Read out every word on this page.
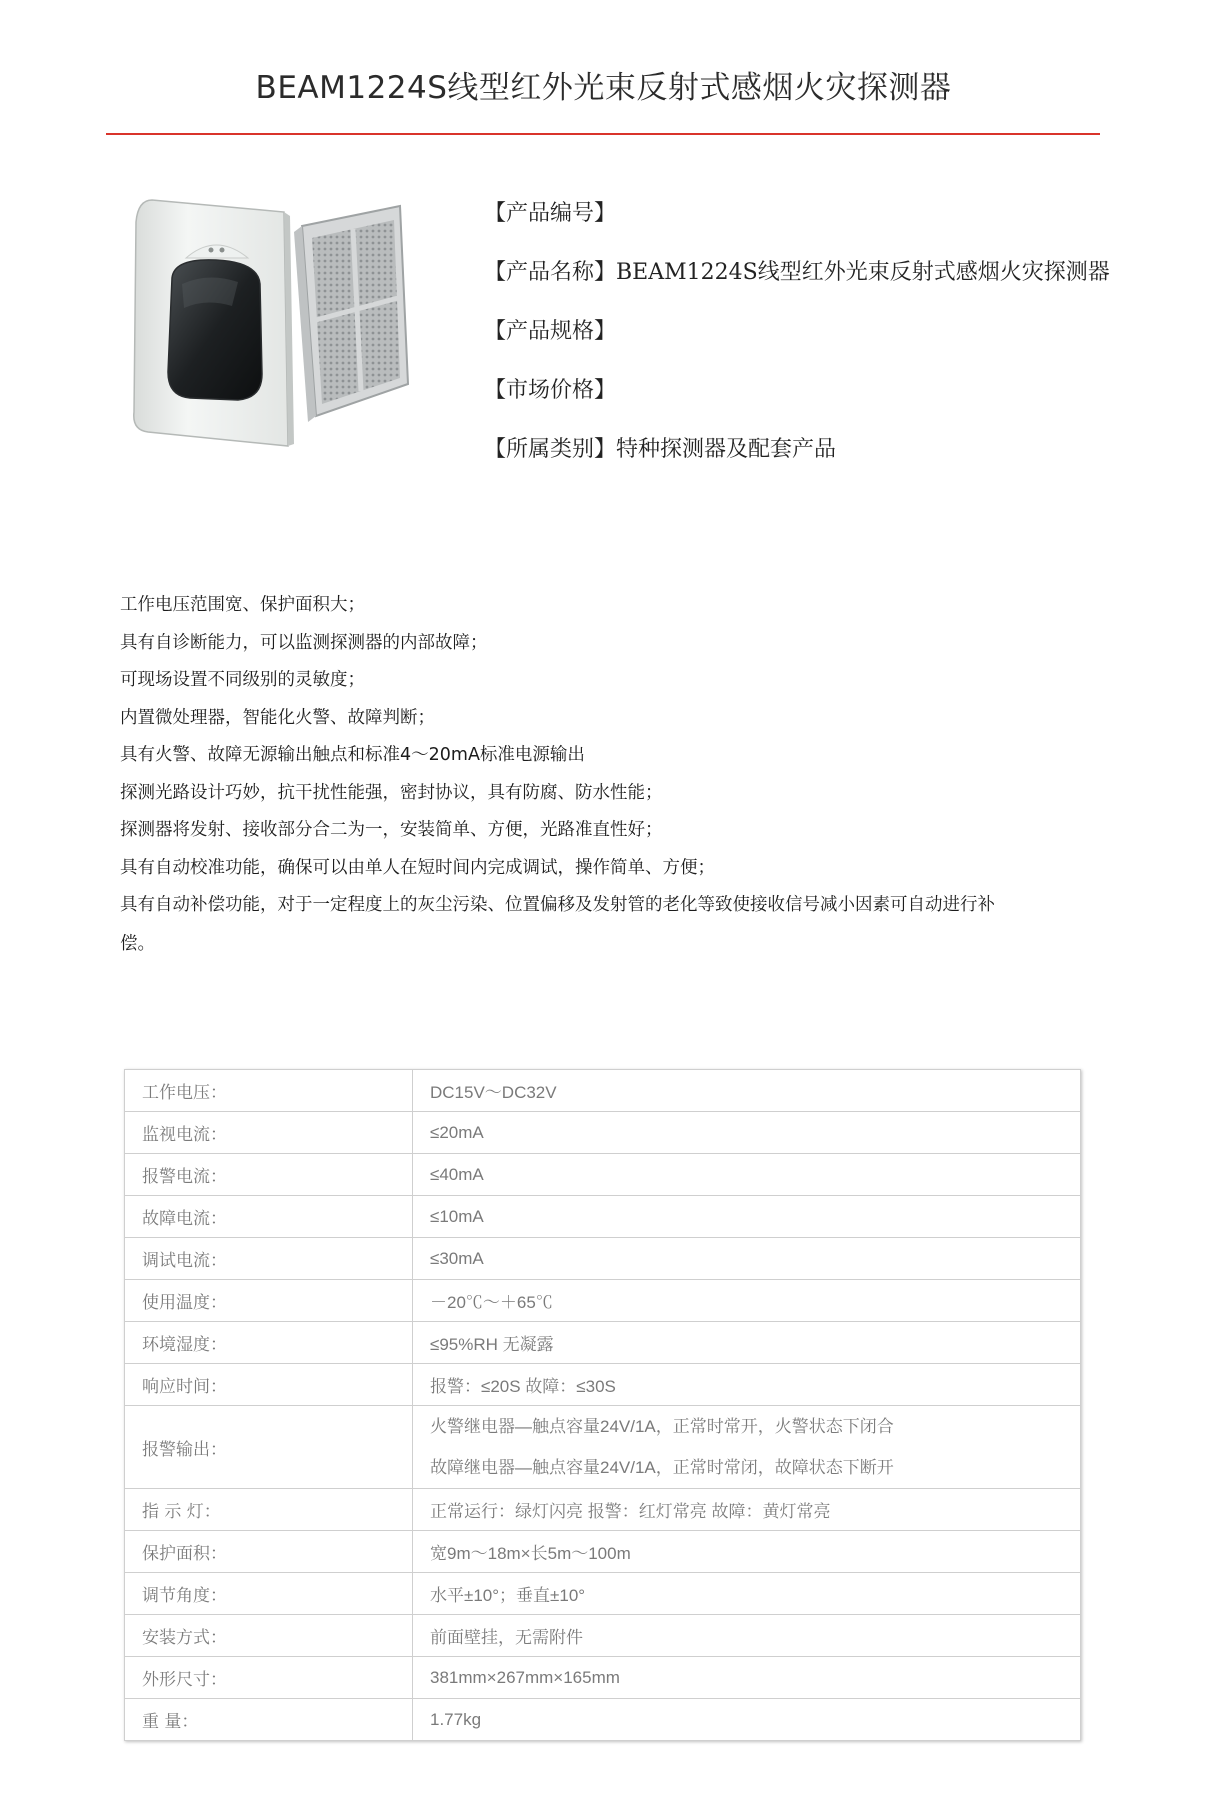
BEAM1224S线型红外光束反射式感烟火灾探测器
【产品编号】
【产品名称】BEAM1224S线型红外光束反射式感烟火灾探测器
【产品规格】
【市场价格】
【所属类别】特种探测器及配套产品
工作电压范围宽、保护面积大；
具有自诊断能力，可以监测探测器的内部故障；
可现场设置不同级别的灵敏度；
内置微处理器，智能化火警、故障判断；
具有火警、故障无源输出触点和标准4～20mA标准电源输出
探测光路设计巧妙，抗干扰性能强，密封协议，具有防腐、防水性能；
探测器将发射、接收部分合二为一，安装简单、方便，光路准直性好；
具有自动校准功能，确保可以由单人在短时间内完成调试，操作简单、方便；
具有自动补偿功能，对于一定程度上的灰尘污染、位置偏移及发射管的老化等致使接收信号减小因素可自动进行补
偿。
工作电压：	DC15V～DC32V
监视电流：	≤20mA
报警电流：	≤40mA
故障电流：	≤10mA
调试电流：	≤30mA
使用温度：	－20℃～＋65℃
环境湿度：	≤95%RH 无凝露
响应时间：	报警：≤20S 故障：≤30S
报警输出：	火警继电器—触点容量24V/1A，正常时常开，火警状态下闭合
故障继电器—触点容量24V/1A，正常时常闭，故障状态下断开

指 示 灯：	正常运行：绿灯闪亮 报警：红灯常亮 故障：黄灯常亮
保护面积：	宽9m～18m×长5m～100m
调节角度：	水平±10°；垂直±10°
安装方式：	前面壁挂，无需附件
外形尺寸：	381mm×267mm×165mm
重 量：	1.77kg
